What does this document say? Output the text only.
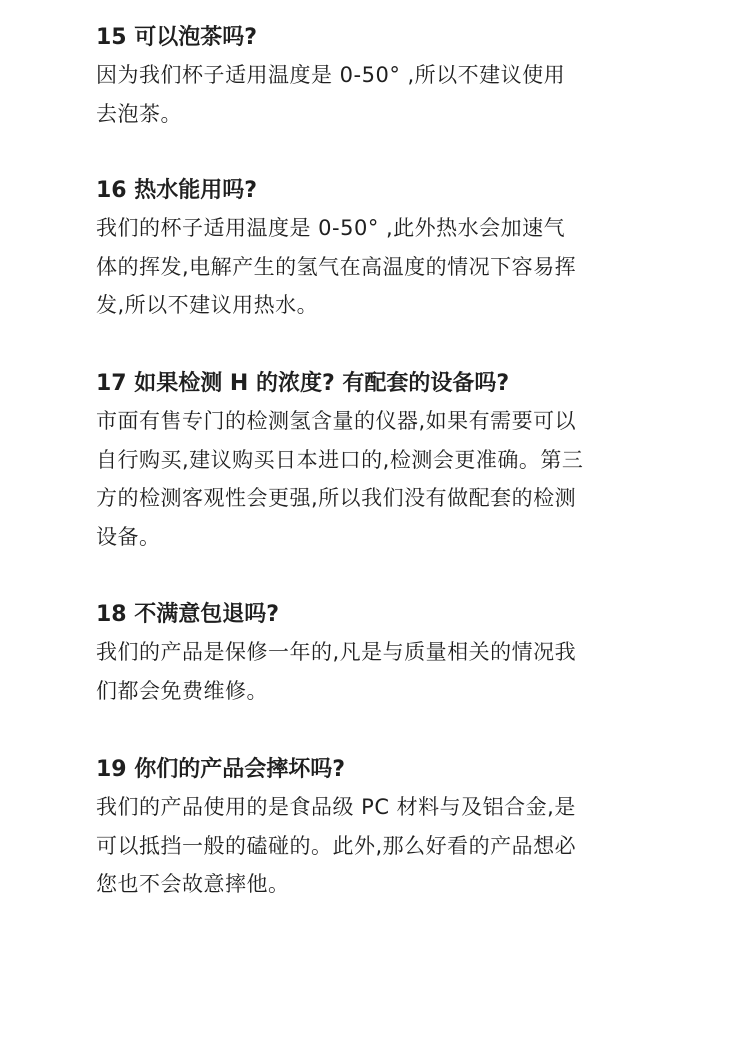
15 可以泡茶吗?
因为我们杯子适用温度是 0-50° ,所以不建议使用
去泡茶。
16 热水能用吗?
我们的杯子适用温度是 0-50° ,此外热水会加速气
体的挥发,电解产生的氢气在高温度的情况下容易挥
发,所以不建议用热水。
17 如果检测 H 的浓度? 有配套的设备吗?
市面有售专门的检测氢含量的仪器,如果有需要可以
自行购买,建议购买日本进口的,检测会更准确。第三
方的检测客观性会更强,所以我们没有做配套的检测
设备。
18 不满意包退吗?
我们的产品是保修一年的,凡是与质量相关的情况我
们都会免费维修。
19 你们的产品会摔坏吗?
我们的产品使用的是食品级 PC 材料与及铝合金,是
可以抵挡一般的磕碰的。此外,那么好看的产品想必
您也不会故意摔他。
